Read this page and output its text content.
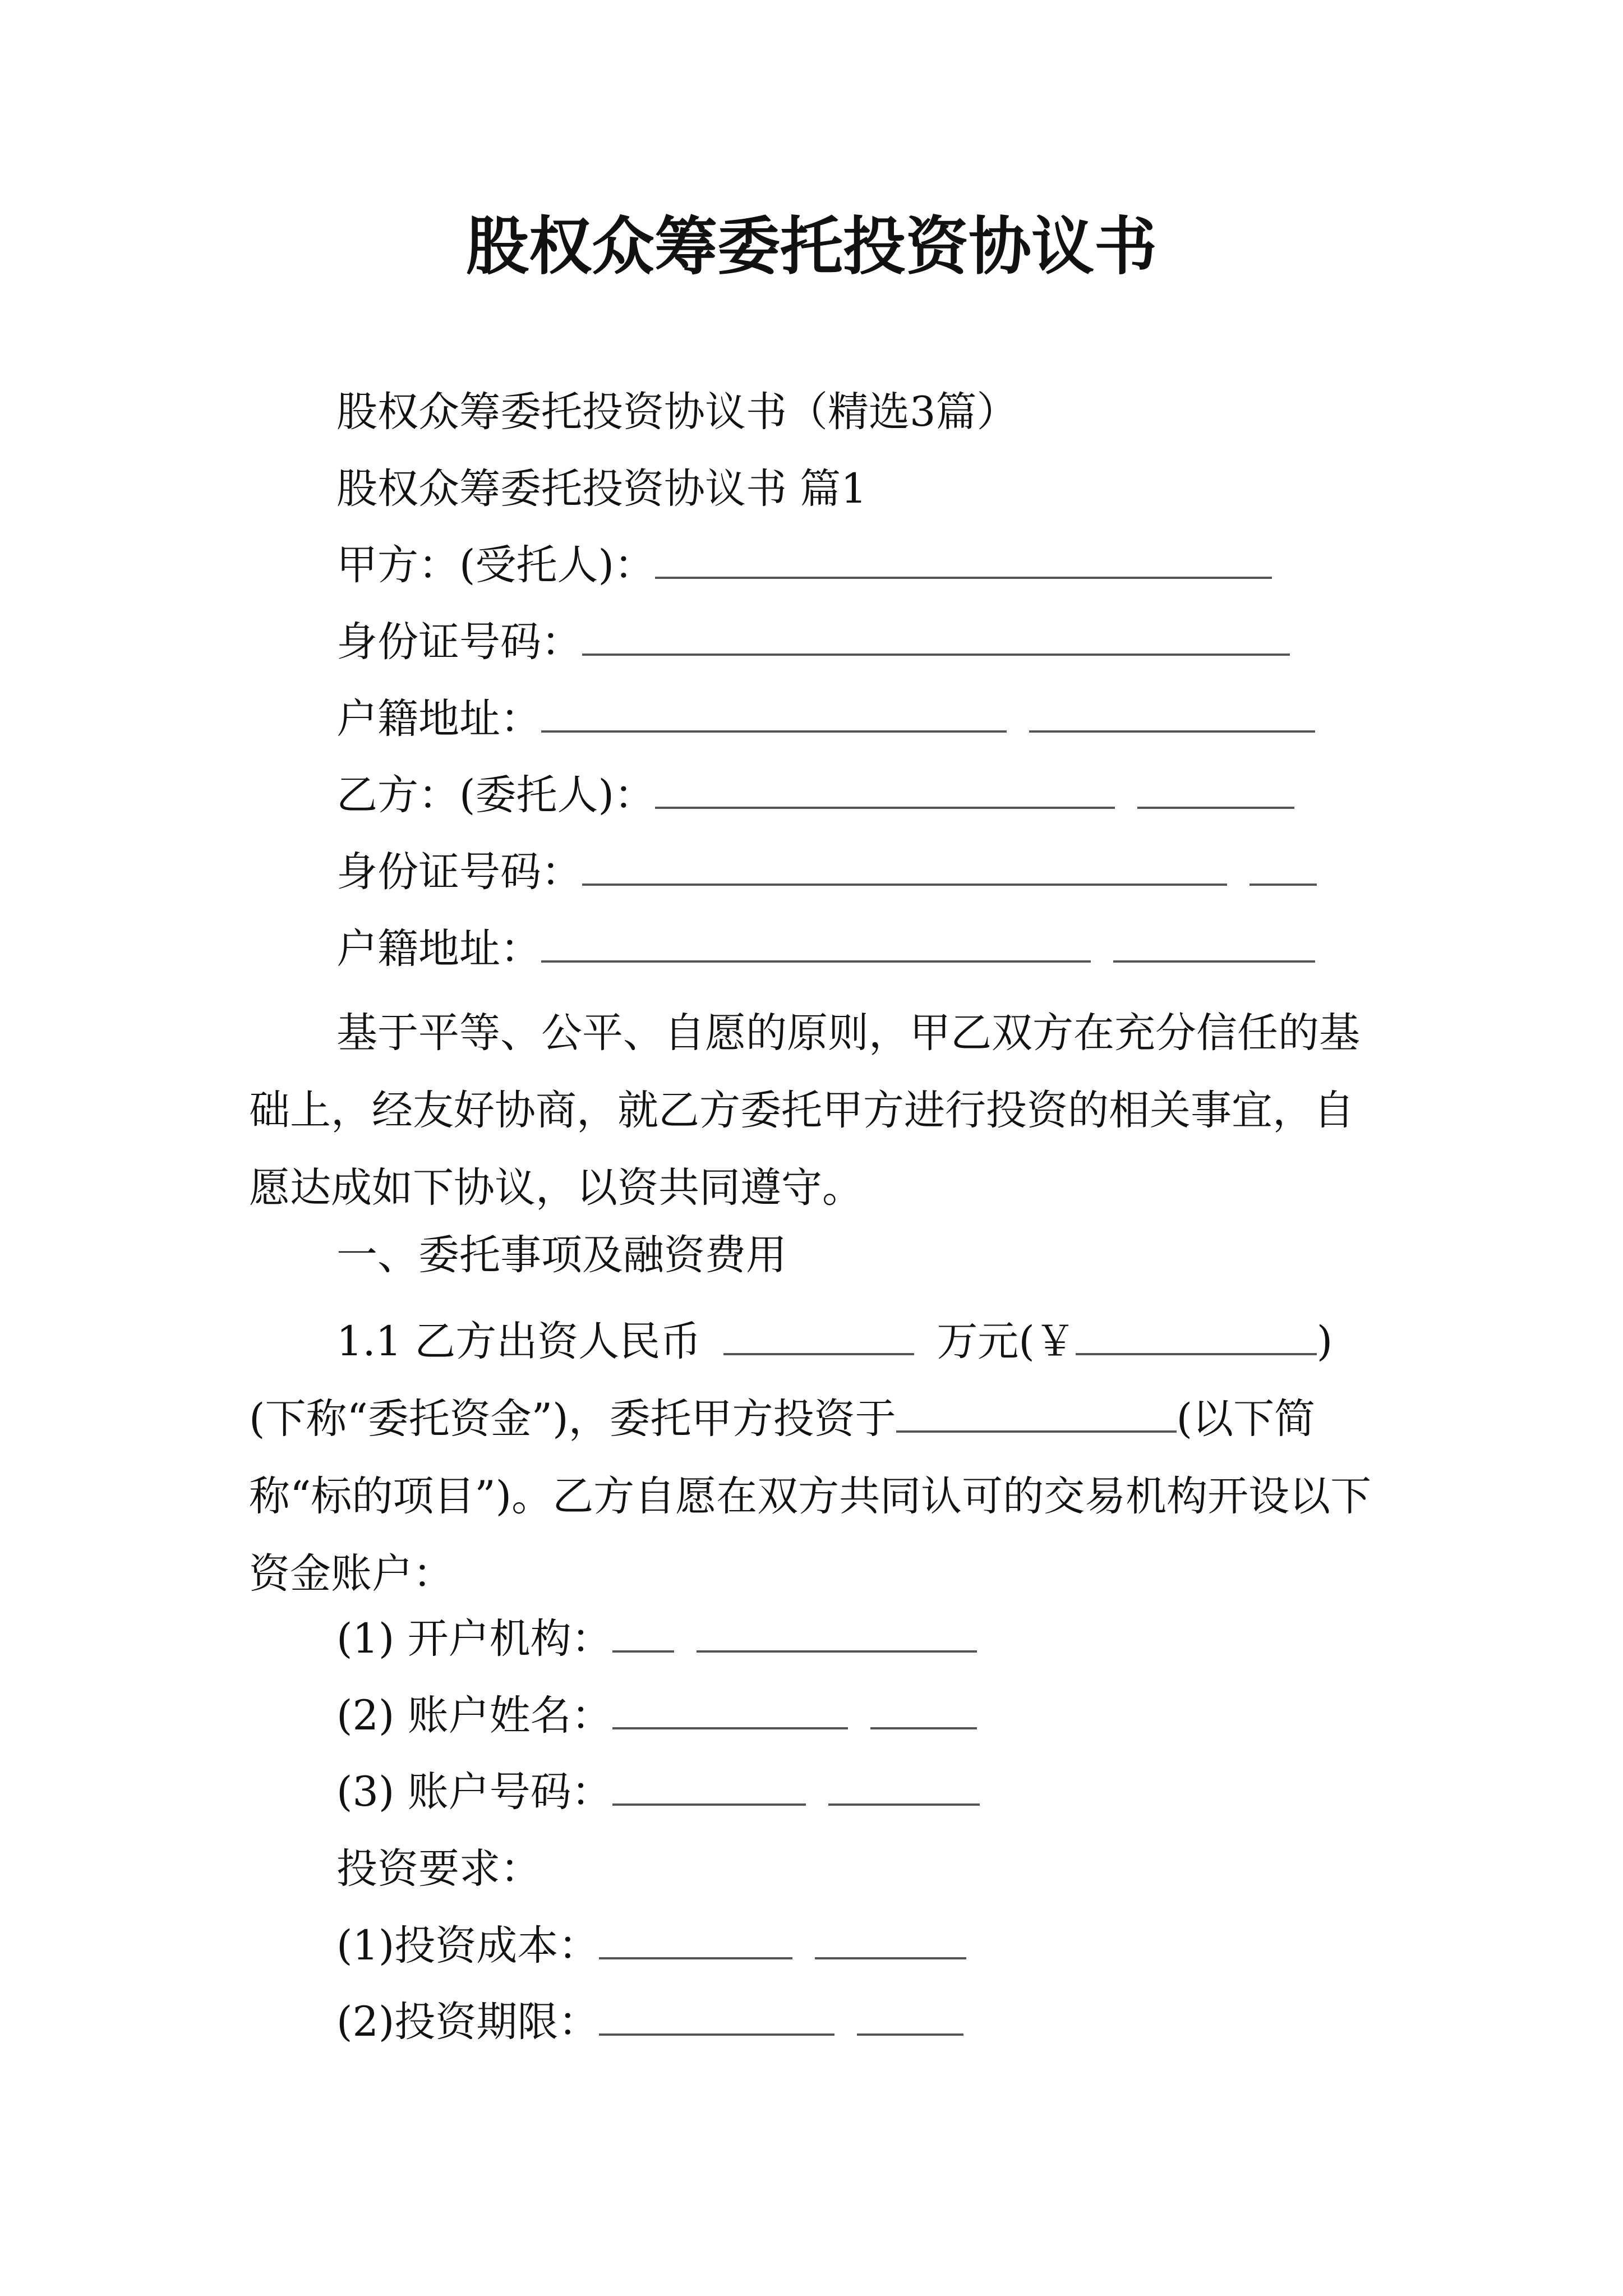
股权众筹委托投资协议书
股权众筹委托投资协议书（精选3篇）
股权众筹委托投资协议书 篇1
甲方：(受托人)：
身份证号码：
户籍地址：
乙方：(委托人)：
身份证号码：
户籍地址：

基于平等、公平、自愿的原则，甲乙双方在充分信任的基础上，经友好协商，就乙方委托甲方进行投资的相关事宜，自愿达成如下协议，以资共同遵守。

一、委托事项及融资费用

1.1 乙方出资人民币	万元(￥	)(下称“委托资金”)，委托甲方投资于	(以下简称“标的项目”)。乙方自愿在双方共同认可的交易机构开设以下资金账户：

(1) 开户机构：
(2) 账户姓名：
(3) 账户号码：
投资要求：
(1)投资成本：
(2)投资期限：
